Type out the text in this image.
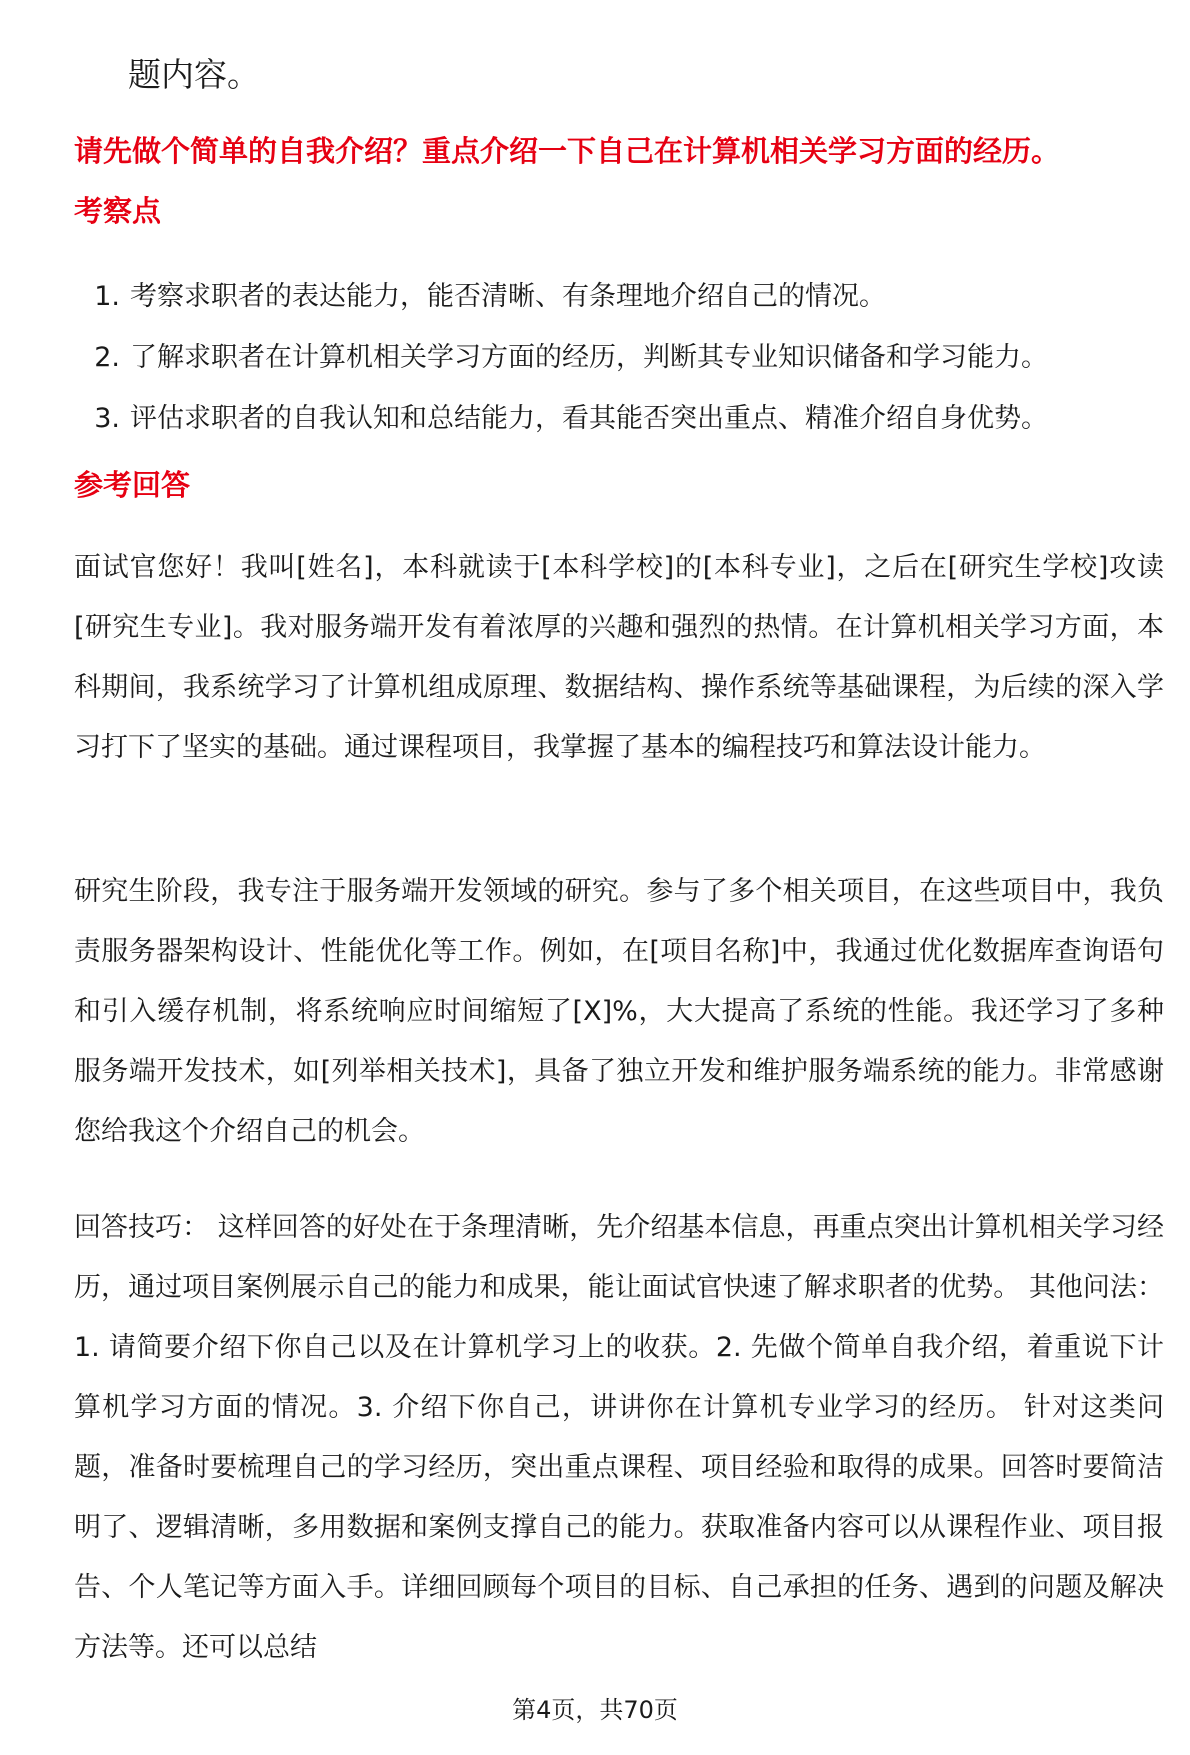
题内容。

请先做个简单的自我介绍？重点介绍一下自己在计算机相关学习方面的经历。

考察点

1. 考察求职者的表达能力，能否清晰、有条理地介绍自己的情况。
2. 了解求职者在计算机相关学习方面的经历，判断其专业知识储备和学习能力。
3. 评估求职者的自我认知和总结能力，看其能否突出重点、精准介绍自身优势。

参考回答

面试官您好！我叫[姓名]，本科就读于[本科学校]的[本科专业]，之后在[研究生学校]攻读[研究生专业]。我对服务端开发有着浓厚的兴趣和强烈的热情。在计算机相关学习方面，本科期间，我系统学习了计算机组成原理、数据结构、操作系统等基础课程，为后续的深入学习打下了坚实的基础。通过课程项目，我掌握了基本的编程技巧和算法设计能力。

研究生阶段，我专注于服务端开发领域的研究。参与了多个相关项目，在这些项目中，我负责服务器架构设计、性能优化等工作。例如，在[项目名称]中，我通过优化数据库查询语句和引入缓存机制，将系统响应时间缩短了[X]%，大大提高了系统的性能。我还学习了多种服务端开发技术，如[列举相关技术]，具备了独立开发和维护服务端系统的能力。非常感谢您给我这个介绍自己的机会。

回答技巧： 这样回答的好处在于条理清晰，先介绍基本信息，再重点突出计算机相关学习经历，通过项目案例展示自己的能力和成果，能让面试官快速了解求职者的优势。 其他问法：1. 请简要介绍下你自己以及在计算机学习上的收获。2. 先做个简单自我介绍，着重说下计算机学习方面的情况。3. 介绍下你自己，讲讲你在计算机专业学习的经历。 针对这类问题，准备时要梳理自己的学习经历，突出重点课程、项目经验和取得的成果。回答时要简洁明了、逻辑清晰，多用数据和案例支撑自己的能力。获取准备内容可以从课程作业、项目报告、个人笔记等方面入手。详细回顾每个项目的目标、自己承担的任务、遇到的问题及解决方法等。还可以总结

第4页，共70页
